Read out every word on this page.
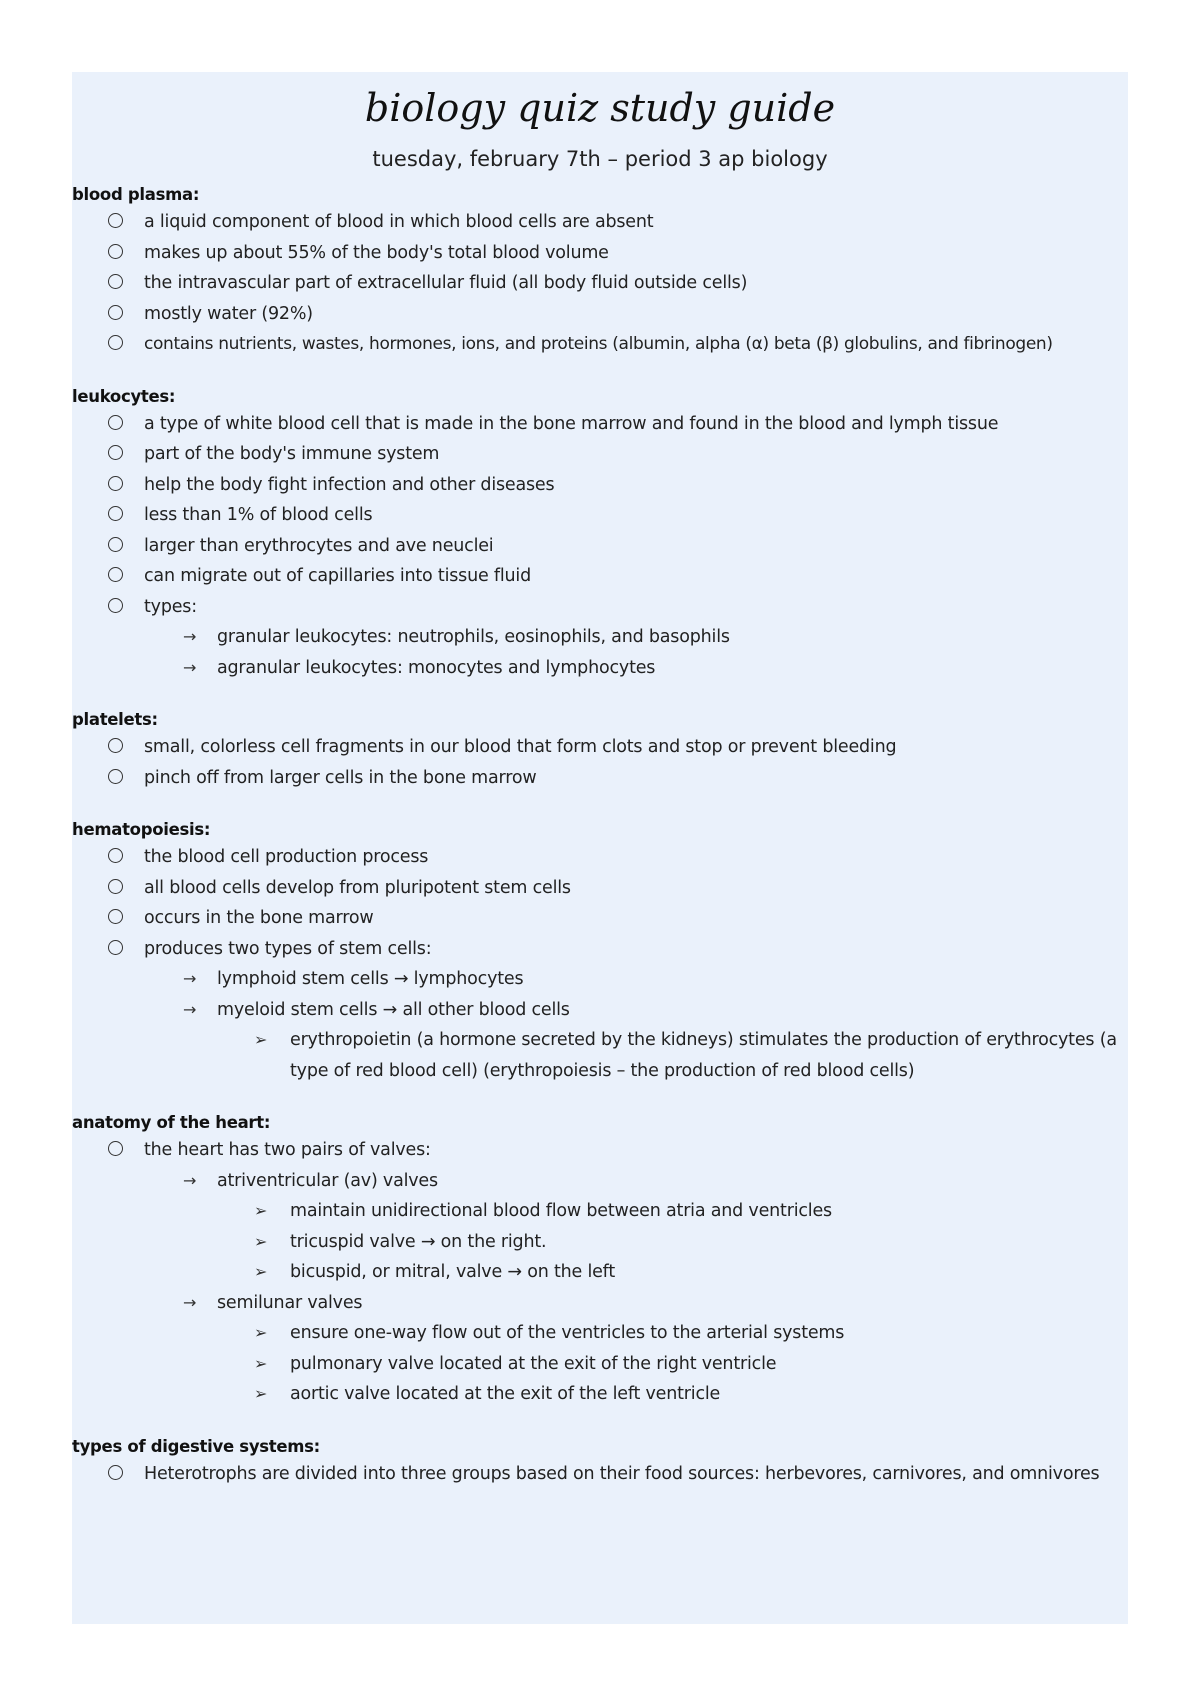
biology quiz study guide
tuesday, february 7th – period 3 ap biology
blood plasma:
a liquid component of blood in which blood cells are absent
makes up about 55% of the body's total blood volume
the intravascular part of extracellular fluid (all body fluid outside cells)
mostly water (92%)
contains nutrients, wastes, hormones, ions, and proteins (albumin, alpha (α) beta (β) globulins, and fibrinogen)
leukocytes:
a type of white blood cell that is made in the bone marrow and found in the blood and lymph tissue
part of the body's immune system
help the body fight infection and other diseases
less than 1% of blood cells
larger than erythrocytes and ave neuclei
can migrate out of capillaries into tissue fluid
types:
→ granular leukocytes: neutrophils, eosinophils, and basophils
→ agranular leukocytes: monocytes and lymphocytes
platelets:
small, colorless cell fragments in our blood that form clots and stop or prevent bleeding
pinch off from larger cells in the bone marrow
hematopoiesis:
the blood cell production process
all blood cells develop from pluripotent stem cells
occurs in the bone marrow
produces two types of stem cells:
→ lymphoid stem cells → lymphocytes
→ myeloid stem cells → all other blood cells
➢ erythropoietin (a hormone secreted by the kidneys) stimulates the production of erythrocytes (a type of red blood cell) (erythropoiesis – the production of red blood cells)
anatomy of the heart:
the heart has two pairs of valves:
→ atriventricular (av) valves
➢ maintain unidirectional blood flow between atria and ventricles
➢ tricuspid valve → on the right.
➢ bicuspid, or mitral, valve → on the left
→ semilunar valves
➢ ensure one-way flow out of the ventricles to the arterial systems
➢ pulmonary valve located at the exit of the right ventricle
➢ aortic valve located at the exit of the left ventricle
types of digestive systems:
Heterotrophs are divided into three groups based on their food sources: herbevores, carnivores, and omnivores
